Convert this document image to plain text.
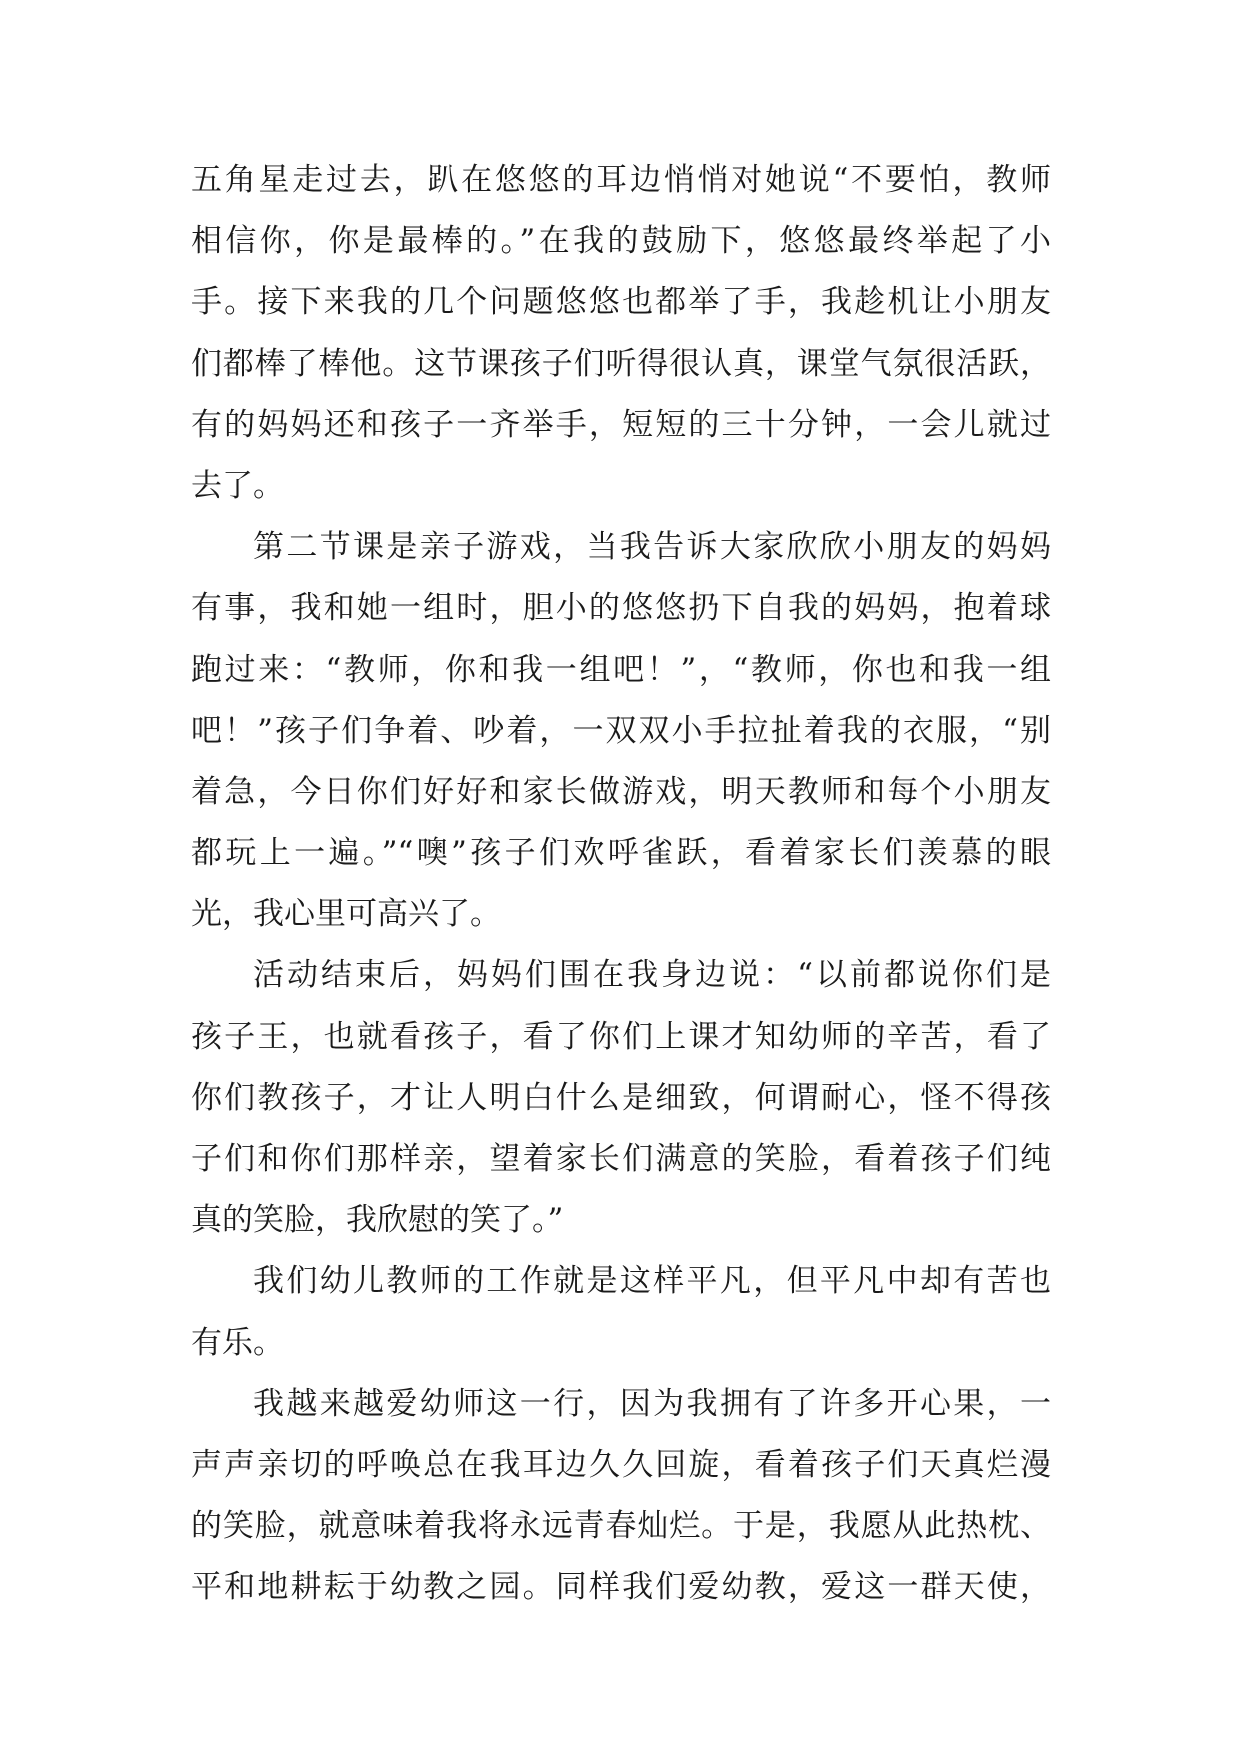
五角星走过去，趴在悠悠的耳边悄悄对她说“不要怕，教师
相信你，你是最棒的。”在我的鼓励下，悠悠最终举起了小
手。接下来我的几个问题悠悠也都举了手，我趁机让小朋友
们都棒了棒他。这节课孩子们听得很认真，课堂气氛很活跃，
有的妈妈还和孩子一齐举手，短短的三十分钟，一会儿就过
去了。
第二节课是亲子游戏，当我告诉大家欣欣小朋友的妈妈
有事，我和她一组时，胆小的悠悠扔下自我的妈妈，抱着球
跑过来：“教师，你和我一组吧！”，“教师，你也和我一组
吧！”孩子们争着、吵着，一双双小手拉扯着我的衣服，“别
着急，今日你们好好和家长做游戏，明天教师和每个小朋友
都玩上一遍。”“噢”孩子们欢呼雀跃，看着家长们羡慕的眼
光，我心里可高兴了。
活动结束后，妈妈们围在我身边说：“以前都说你们是
孩子王，也就看孩子，看了你们上课才知幼师的辛苦，看了
你们教孩子，才让人明白什么是细致，何谓耐心，怪不得孩
子们和你们那样亲，望着家长们满意的笑脸，看着孩子们纯
真的笑脸，我欣慰的笑了。”
我们幼儿教师的工作就是这样平凡，但平凡中却有苦也
有乐。
我越来越爱幼师这一行，因为我拥有了许多开心果，一
声声亲切的呼唤总在我耳边久久回旋，看着孩子们天真烂漫
的笑脸，就意味着我将永远青春灿烂。于是，我愿从此热枕、
平和地耕耘于幼教之园。同样我们爱幼教，爱这一群天使，
